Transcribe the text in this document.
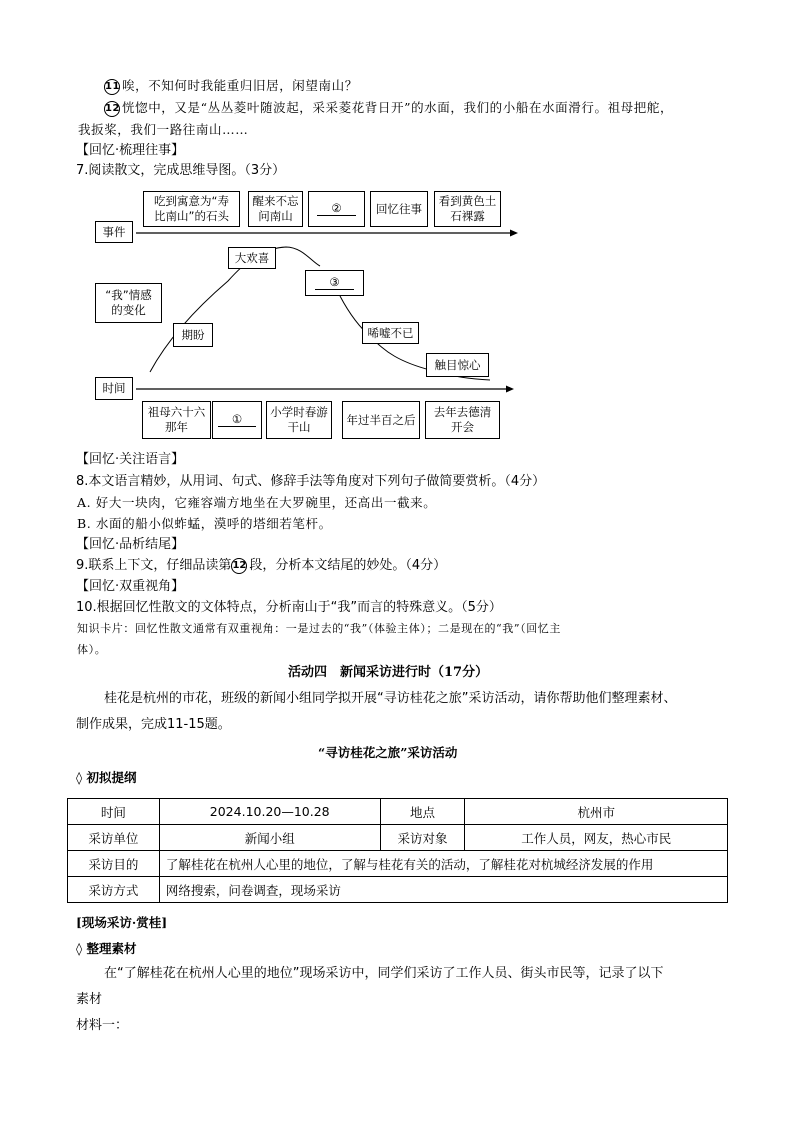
11 唉，不知何时我能重归旧居，闲望南山？
12 恍惚中，又是“丛丛菱叶随波起，采采菱花背日开”的水面，我们的小船在水面滑行。祖母把舵，
我扳桨，我们一路往南山……
【回忆·梳理往事】
7.阅读散文，完成思维导图。（3分）
吃到寓意为“寿
比南山”的石头
醒来不忘
问南山
②	回忆往事
看到黄色土
石裸露
事件
“我”情感
的变化
时间
大欢喜
③
期盼	唏嘘不已
触目惊心
祖母六十六
那年
①	小学时春游
干山
年过半百之后
去年去德清
开会
【回忆·关注语言】
8.本文语言精妙，从用词、句式、修辞手法等角度对下列句子做简要赏析。（4分）
A. 好大一块肉，它雍容端方地坐在大罗碗里，还高出一截来。
B. 水面的船小似蚱蜢，漠呼的塔细若笔杆。
【回忆·品析结尾】
9.联系上下文，仔细品读第12 段，分析本文结尾的妙处。（4分）
【回忆·双重视角】
10.根据回忆性散文的文体特点，分析南山于“我”而言的特殊意义。（5分）
知识卡片：回忆性散文通常有双重视角：一是过去的“我”（体验主体）；二是现在的“我”（回忆主
体）。
活动四　新闻采访进行时（17分）
桂花是杭州的市花，班级的新闻小组同学拟开展“寻访桂花之旅”采访活动，请你帮助他们整理素材、
制作成果，完成11-15题。
“寻访桂花之旅”采访活动
◊ 初拟提纲
时间	2024.10.20—10.28	地点	杭州市
采访单位	新闻小组	采访对象	工作人员，网友，热心市民
采访目的	了解桂花在杭州人心里的地位，了解与桂花有关的活动，了解桂花对杭城经济发展的作用		
采访方式	网络搜索，问卷调查，现场采访		
[现场采访·赏桂]
◊ 整理素材
在“了解桂花在杭州人心里的地位”现场采访中，同学们采访了工作人员、街头市民等，记录了以下
素材
材料一：
